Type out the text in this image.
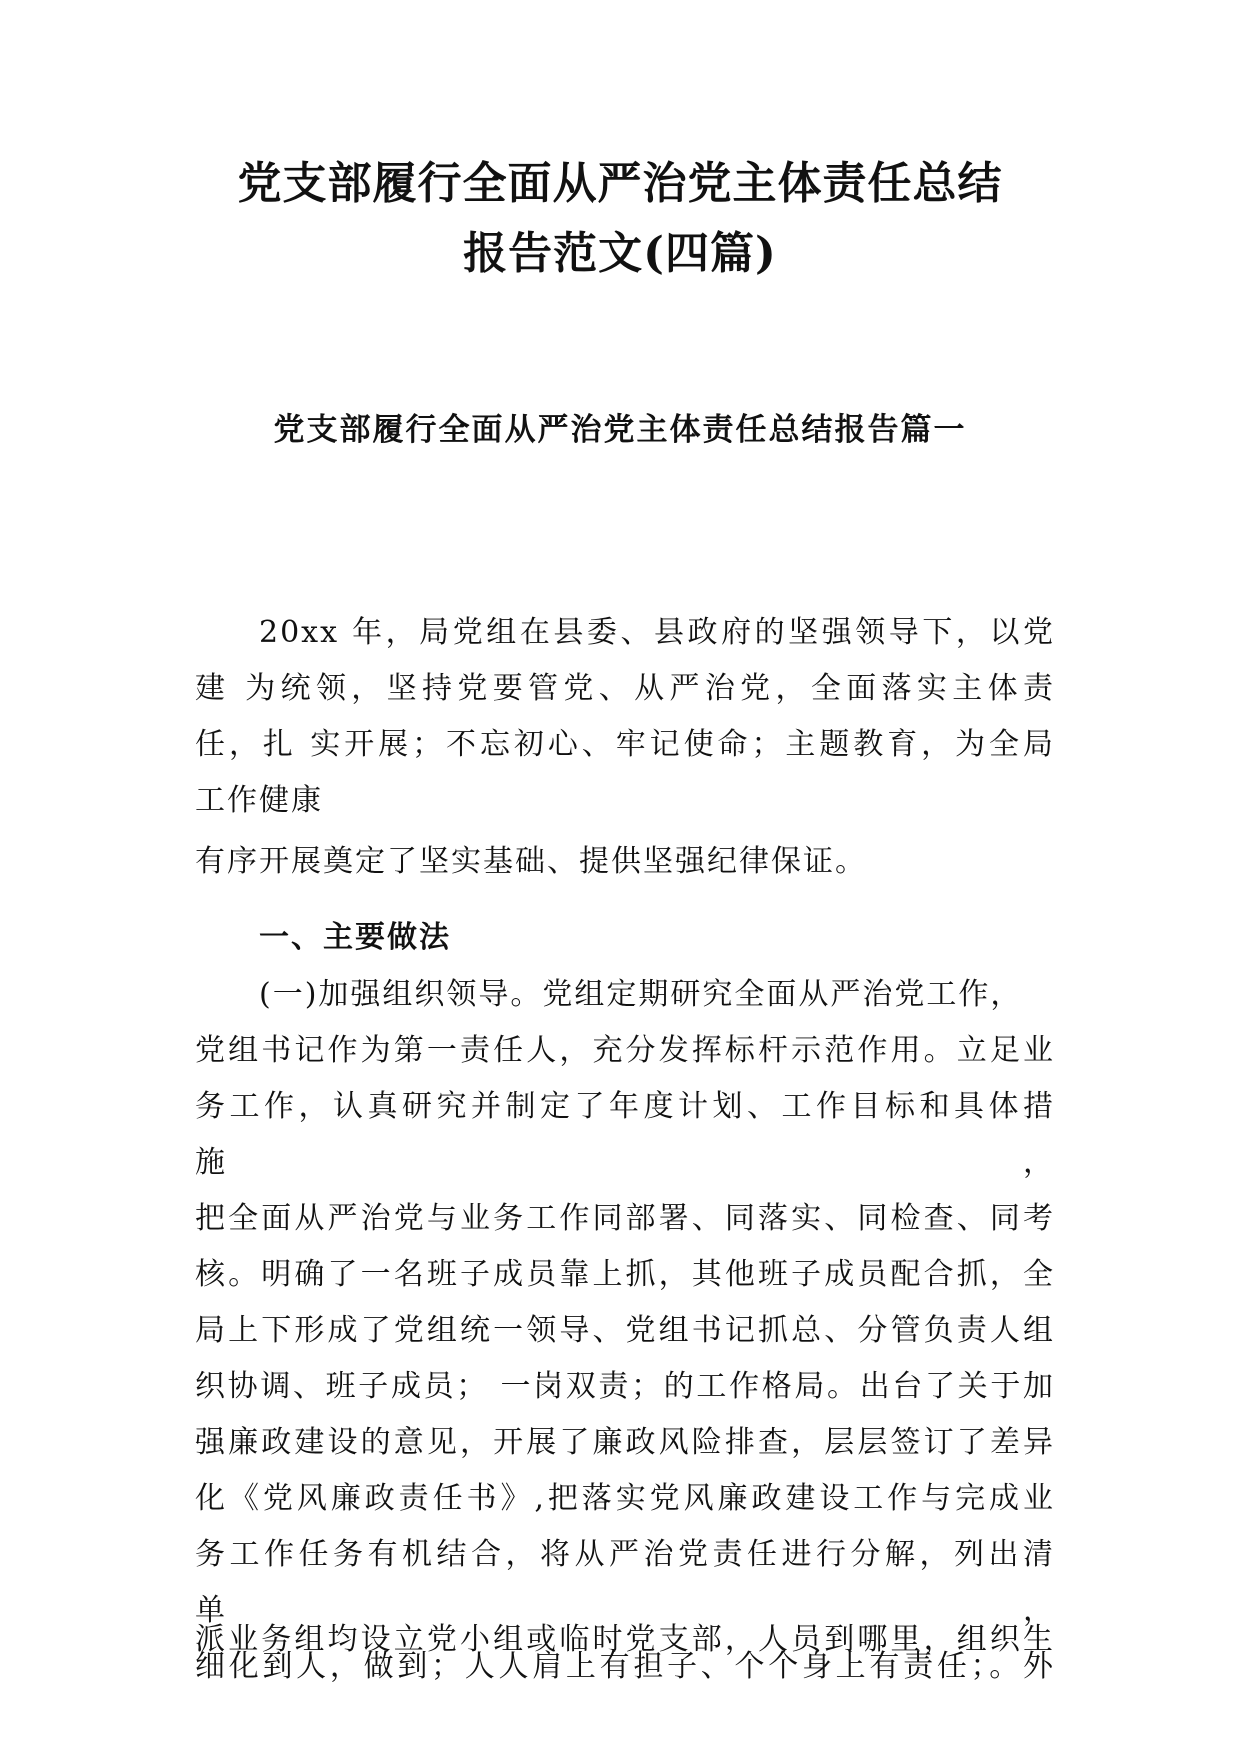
党支部履行全面从严治党主体责任总结
报告范文(四篇)
党支部履行全面从严治党主体责任总结报告篇一

20xx 年，局党组在县委、县政府的坚强领导下，以党

建 为统领，坚持党要管党、从严治党，全面落实主体责

任，扎 实开展；不忘初心、牢记使命；主题教育，为全局

工作健康

有序开展奠定了坚实基础、提供坚强纪律保证。

一、主要做法

(一)加强组织领导。党组定期研究全面从严治党工作，

党组书记作为第一责任人，充分发挥标杆示范作用。立足业

务工作，认真研究并制定了年度计划、工作目标和具体措施，

把全面从严治党与业务工作同部署、同落实、同检查、同考

核。明确了一名班子成员靠上抓，其他班子成员配合抓，全

局上下形成了党组统一领导、党组书记抓总、分管负责人组

织协调、班子成员； 一岗双责；的工作格局。出台了关于加

强廉政建设的意见，开展了廉政风险排查，层层签订了差异

化《党风廉政责任书》,把落实党风廉政建设工作与完成业

务工作任务有机结合，将从严治党责任进行分解，列出清单，

细化到人，做到；人人肩上有担子、个个身上有责任；。外

派业务组均设立党小组或临时党支部，人员到哪里，组织生
